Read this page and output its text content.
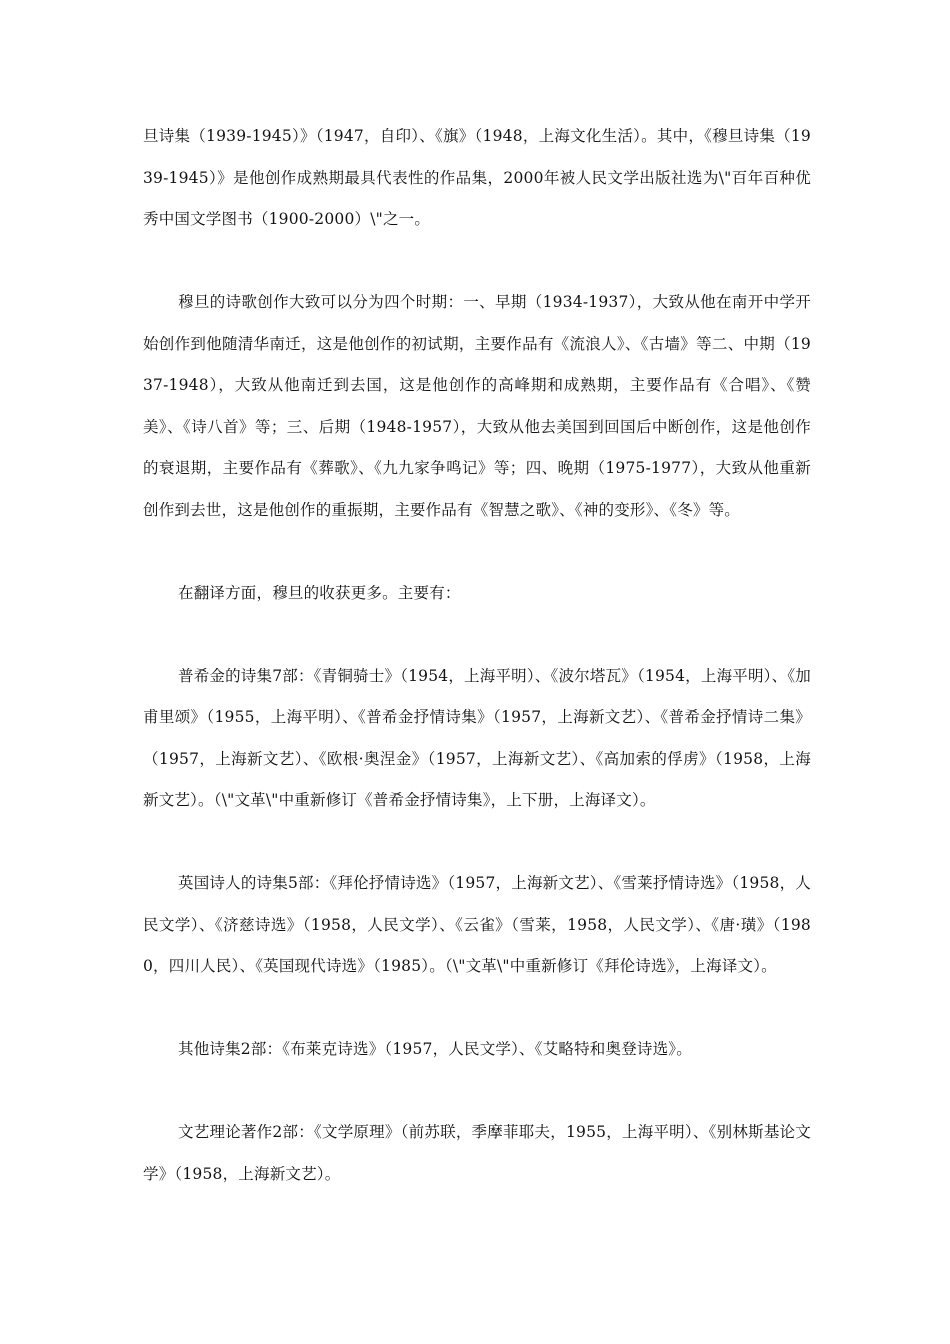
旦诗集（1939-1945）》（1947，自印）、《旗》（1948，上海文化生活）。其中，《穆旦诗集（1939-1945）》是他创作成熟期最具代表性的作品集，2000年被人民文学出版社选为\"百年百种优秀中国文学图书（1900-2000）\"之一。

穆旦的诗歌创作大致可以分为四个时期：一、早期（1934-1937），大致从他在南开中学开始创作到他随清华南迁，这是他创作的初试期，主要作品有《流浪人》、《古墙》等二、中期（1937-1948），大致从他南迁到去国，这是他创作的高峰期和成熟期，主要作品有《合唱》、《赞美》、《诗八首》等；三、后期（1948-1957），大致从他去美国到回国后中断创作，这是他创作的衰退期，主要作品有《葬歌》、《九九家争鸣记》等；四、晚期（1975-1977），大致从他重新创作到去世，这是他创作的重振期，主要作品有《智慧之歌》、《神的变形》、《冬》等。

在翻译方面，穆旦的收获更多。主要有：

普希金的诗集7部：《青铜骑士》（1954，上海平明）、《波尔塔瓦》（1954，上海平明）、《加甫里颂》（1955，上海平明）、《普希金抒情诗集》（1957，上海新文艺）、《普希金抒情诗二集》（1957，上海新文艺）、《欧根·奥涅金》（1957，上海新文艺）、《高加索的俘虏》（1958，上海新文艺）。（\"文革\"中重新修订《普希金抒情诗集》，上下册，上海译文）。

英国诗人的诗集5部：《拜伦抒情诗选》（1957，上海新文艺）、《雪莱抒情诗选》（1958，人民文学）、《济慈诗选》（1958，人民文学）、《云雀》（雪莱，1958，人民文学）、《唐·璜》（1980，四川人民）、《英国现代诗选》（1985）。（\"文革\"中重新修订《拜伦诗选》，上海译文）。

其他诗集2部：《布莱克诗选》（1957，人民文学）、《艾略特和奥登诗选》。

文艺理论著作2部：《文学原理》（前苏联，季摩菲耶夫，1955，上海平明）、《别林斯基论文学》（1958，上海新文艺）。
